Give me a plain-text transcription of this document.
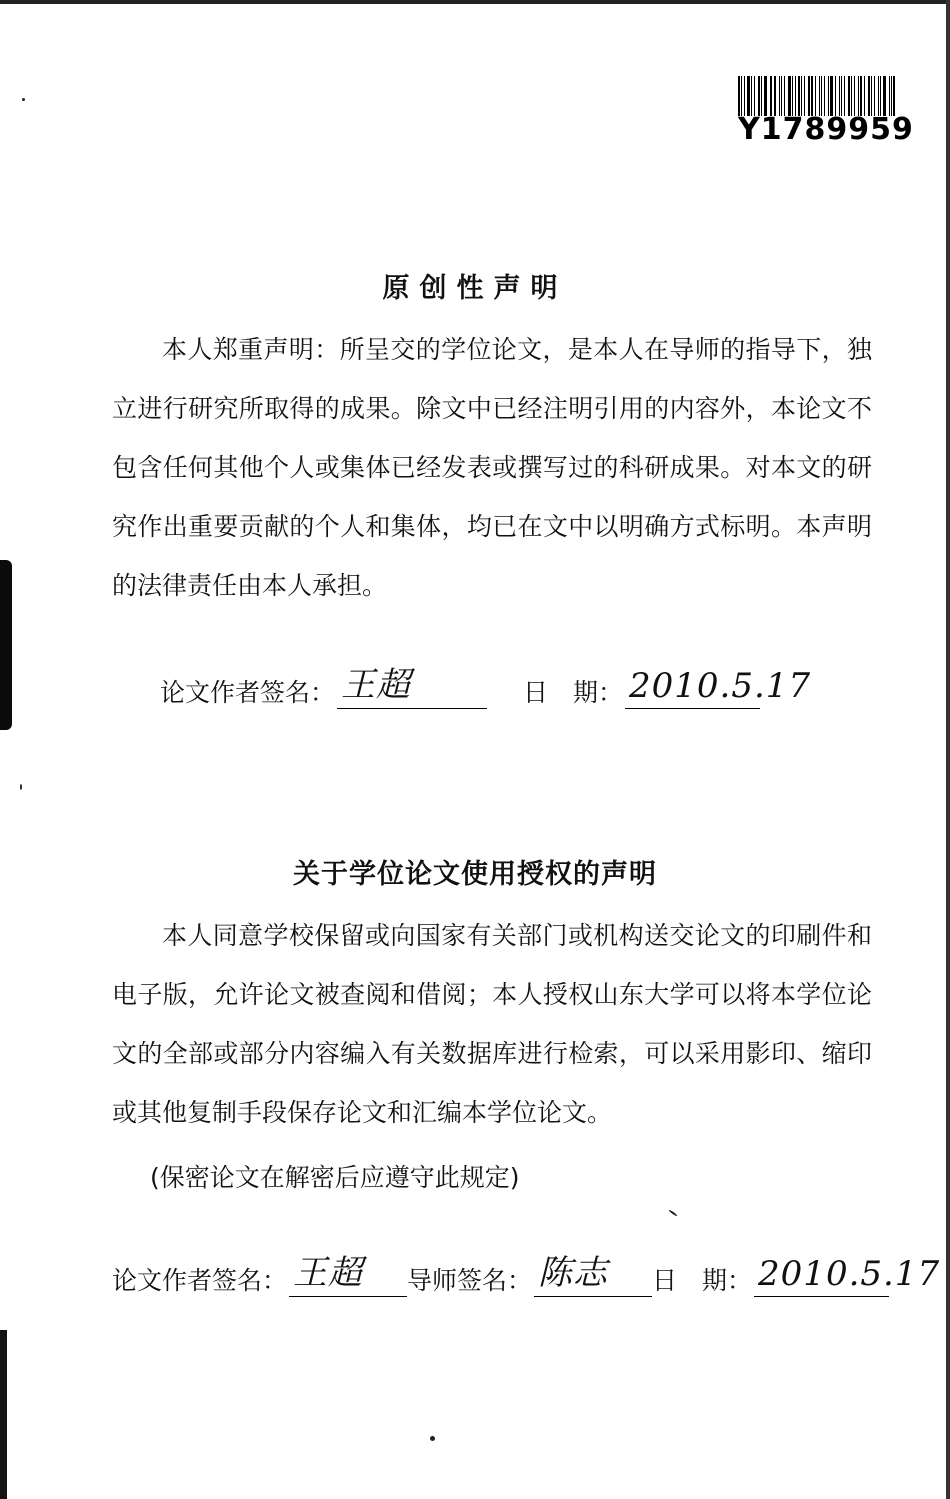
Y1789959
原创性声明
本人郑重声明：所呈交的学位论文，是本人在导师的指导下，独立进行研究所取得的成果。除文中已经注明引用的内容外，本论文不包含任何其他个人或集体已经发表或撰写过的科研成果。对本文的研究作出重要贡献的个人和集体，均已在文中以明确方式标明。本声明的法律责任由本人承担。
论文作者签名： 王超	日　期： 2010.5.17
关于学位论文使用授权的声明
本人同意学校保留或向国家有关部门或机构送交论文的印刷件和电子版，允许论文被查阅和借阅；本人授权山东大学可以将本学位论文的全部或部分内容编入有关数据库进行检索，可以采用影印、缩印或其他复制手段保存论文和汇编本学位论文。
(保密论文在解密后应遵守此规定)
论文作者签名： 王超 导师签名： 陈志 日　期： 2010.5.17
